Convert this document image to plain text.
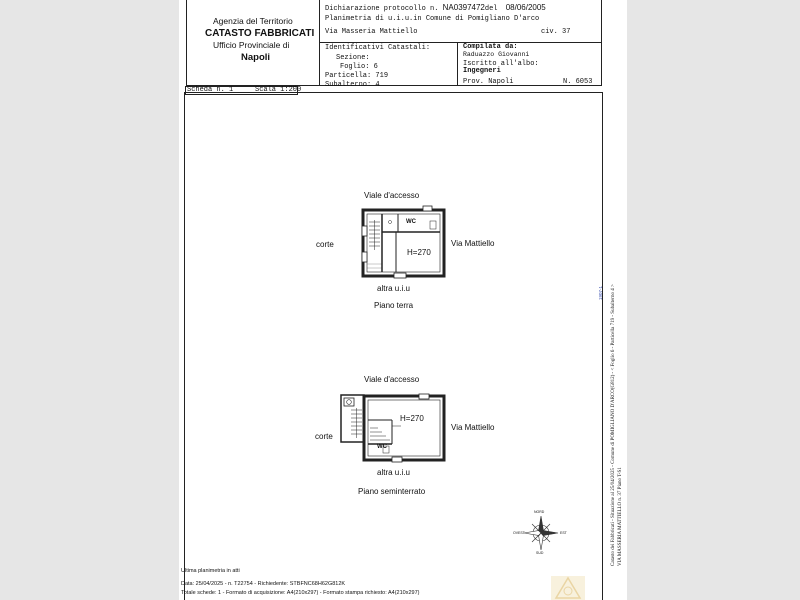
Agenzia del Territorio
CATASTO FABBRICATI
Ufficio Provinciale di
Napoli
Dichiarazione protocollo n. NA0397472del 08/06/2005
Planimetria di u.i.u.in Comune di Pomigliano D'arco
Via Masseria Mattiello	civ. 37
Identificativi Catastali:
Sezione:
Foglio: 6
Particella: 719
Subalterno: 4
Compilata da:
Raduazzo Giovanni
Iscritto all'albo:
Ingegneri
Prov. Napoli	N. 6053
Scheda n. 1	Scala 1:200
Viale d'accesso
corte	Via Mattiello
altra u.i.u
Piano terra
WC
H=270
Viale d'accesso
corte
Via Mattiello
altra u.i.u
Piano seminterrato
WC
H=270
NORD
SUD
EST
OVEST
Ultima planimetria in atti
Data: 25/04/2025 - n. T22754 - Richiedente: STBFNC68H62G812K
Totale schede: 1 - Formato di acquisizione: A4(210x297) - Formato stampa richiesto: A4(210x297)
Catasto dei Fabbricati - Situazione al 25/04/2025 - Comune di POMIGLIANO D'ARCO(G812) - < Foglio 6 - Particella 719 - Subalterno 4 > VIA MASSERIA MATTIELLO n. 37 Piano T-S1
1907-1
